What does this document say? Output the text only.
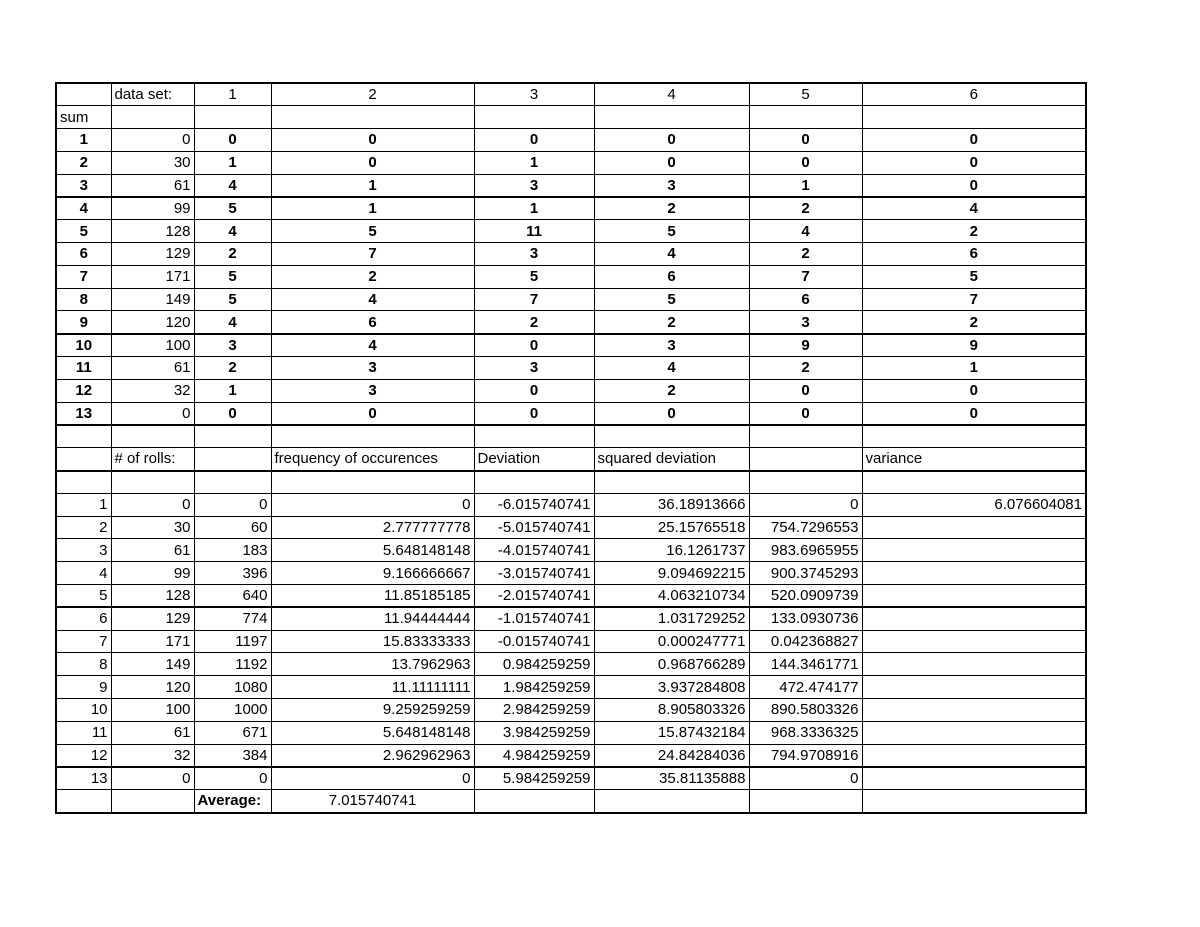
	data set:	1	2	3	4	5	6
sum							
1	0	0	0	0	0	0	0
2	30	1	0	1	0	0	0
3	61	4	1	3	3	1	0
4	99	5	1	1	2	2	4
5	128	4	5	11	5	4	2
6	129	2	7	3	4	2	6
7	171	5	2	5	6	7	5
8	149	5	4	7	5	6	7
9	120	4	6	2	2	3	2
10	100	3	4	0	3	9	9
11	61	2	3	3	4	2	1
12	32	1	3	0	2	0	0
13	0	0	0	0	0	0	0

	# of rolls:		frequency of occurences	Deviation	squared deviation		variance

1	0	0	0	-6.015740741	36.18913666	0	6.076604081
2	30	60	2.777777778	-5.015740741	25.15765518	754.7296553	
3	61	183	5.648148148	-4.015740741	16.1261737	983.6965955	
4	99	396	9.166666667	-3.015740741	9.094692215	900.3745293	
5	128	640	11.85185185	-2.015740741	4.063210734	520.0909739	
6	129	774	11.94444444	-1.015740741	1.031729252	133.0930736	
7	171	1197	15.83333333	-0.015740741	0.000247771	0.042368827	
8	149	1192	13.7962963	0.984259259	0.968766289	144.3461771	
9	120	1080	11.11111111	1.984259259	3.937284808	472.474177	
10	100	1000	9.259259259	2.984259259	8.905803326	890.5803326	
11	61	671	5.648148148	3.984259259	15.87432184	968.3336325	
12	32	384	2.962962963	4.984259259	24.84284036	794.9708916	
13	0	0	0	5.984259259	35.81135888	0	
		Average:	7.015740741				
